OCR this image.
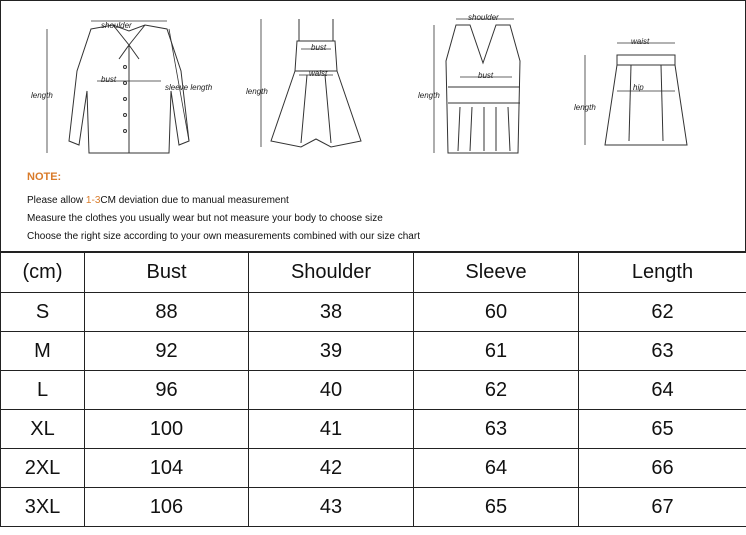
shoulder
bust
sleeve length
length
bust
waist
length
shoulder
bust
length
waist
hip
length
NOTE:
Please allow 1-3CM deviation due to manual measurement
Measure the clothes you usually wear but not measure your body to choose size
Choose the right size according to your own measurements combined with our size chart
(cm)	Bust	Shoulder	Sleeve	Length
S	88	38	60	62
M	92	39	61	63
L	96	40	62	64
XL	100	41	63	65
2XL	104	42	64	66
3XL	106	43	65	67
